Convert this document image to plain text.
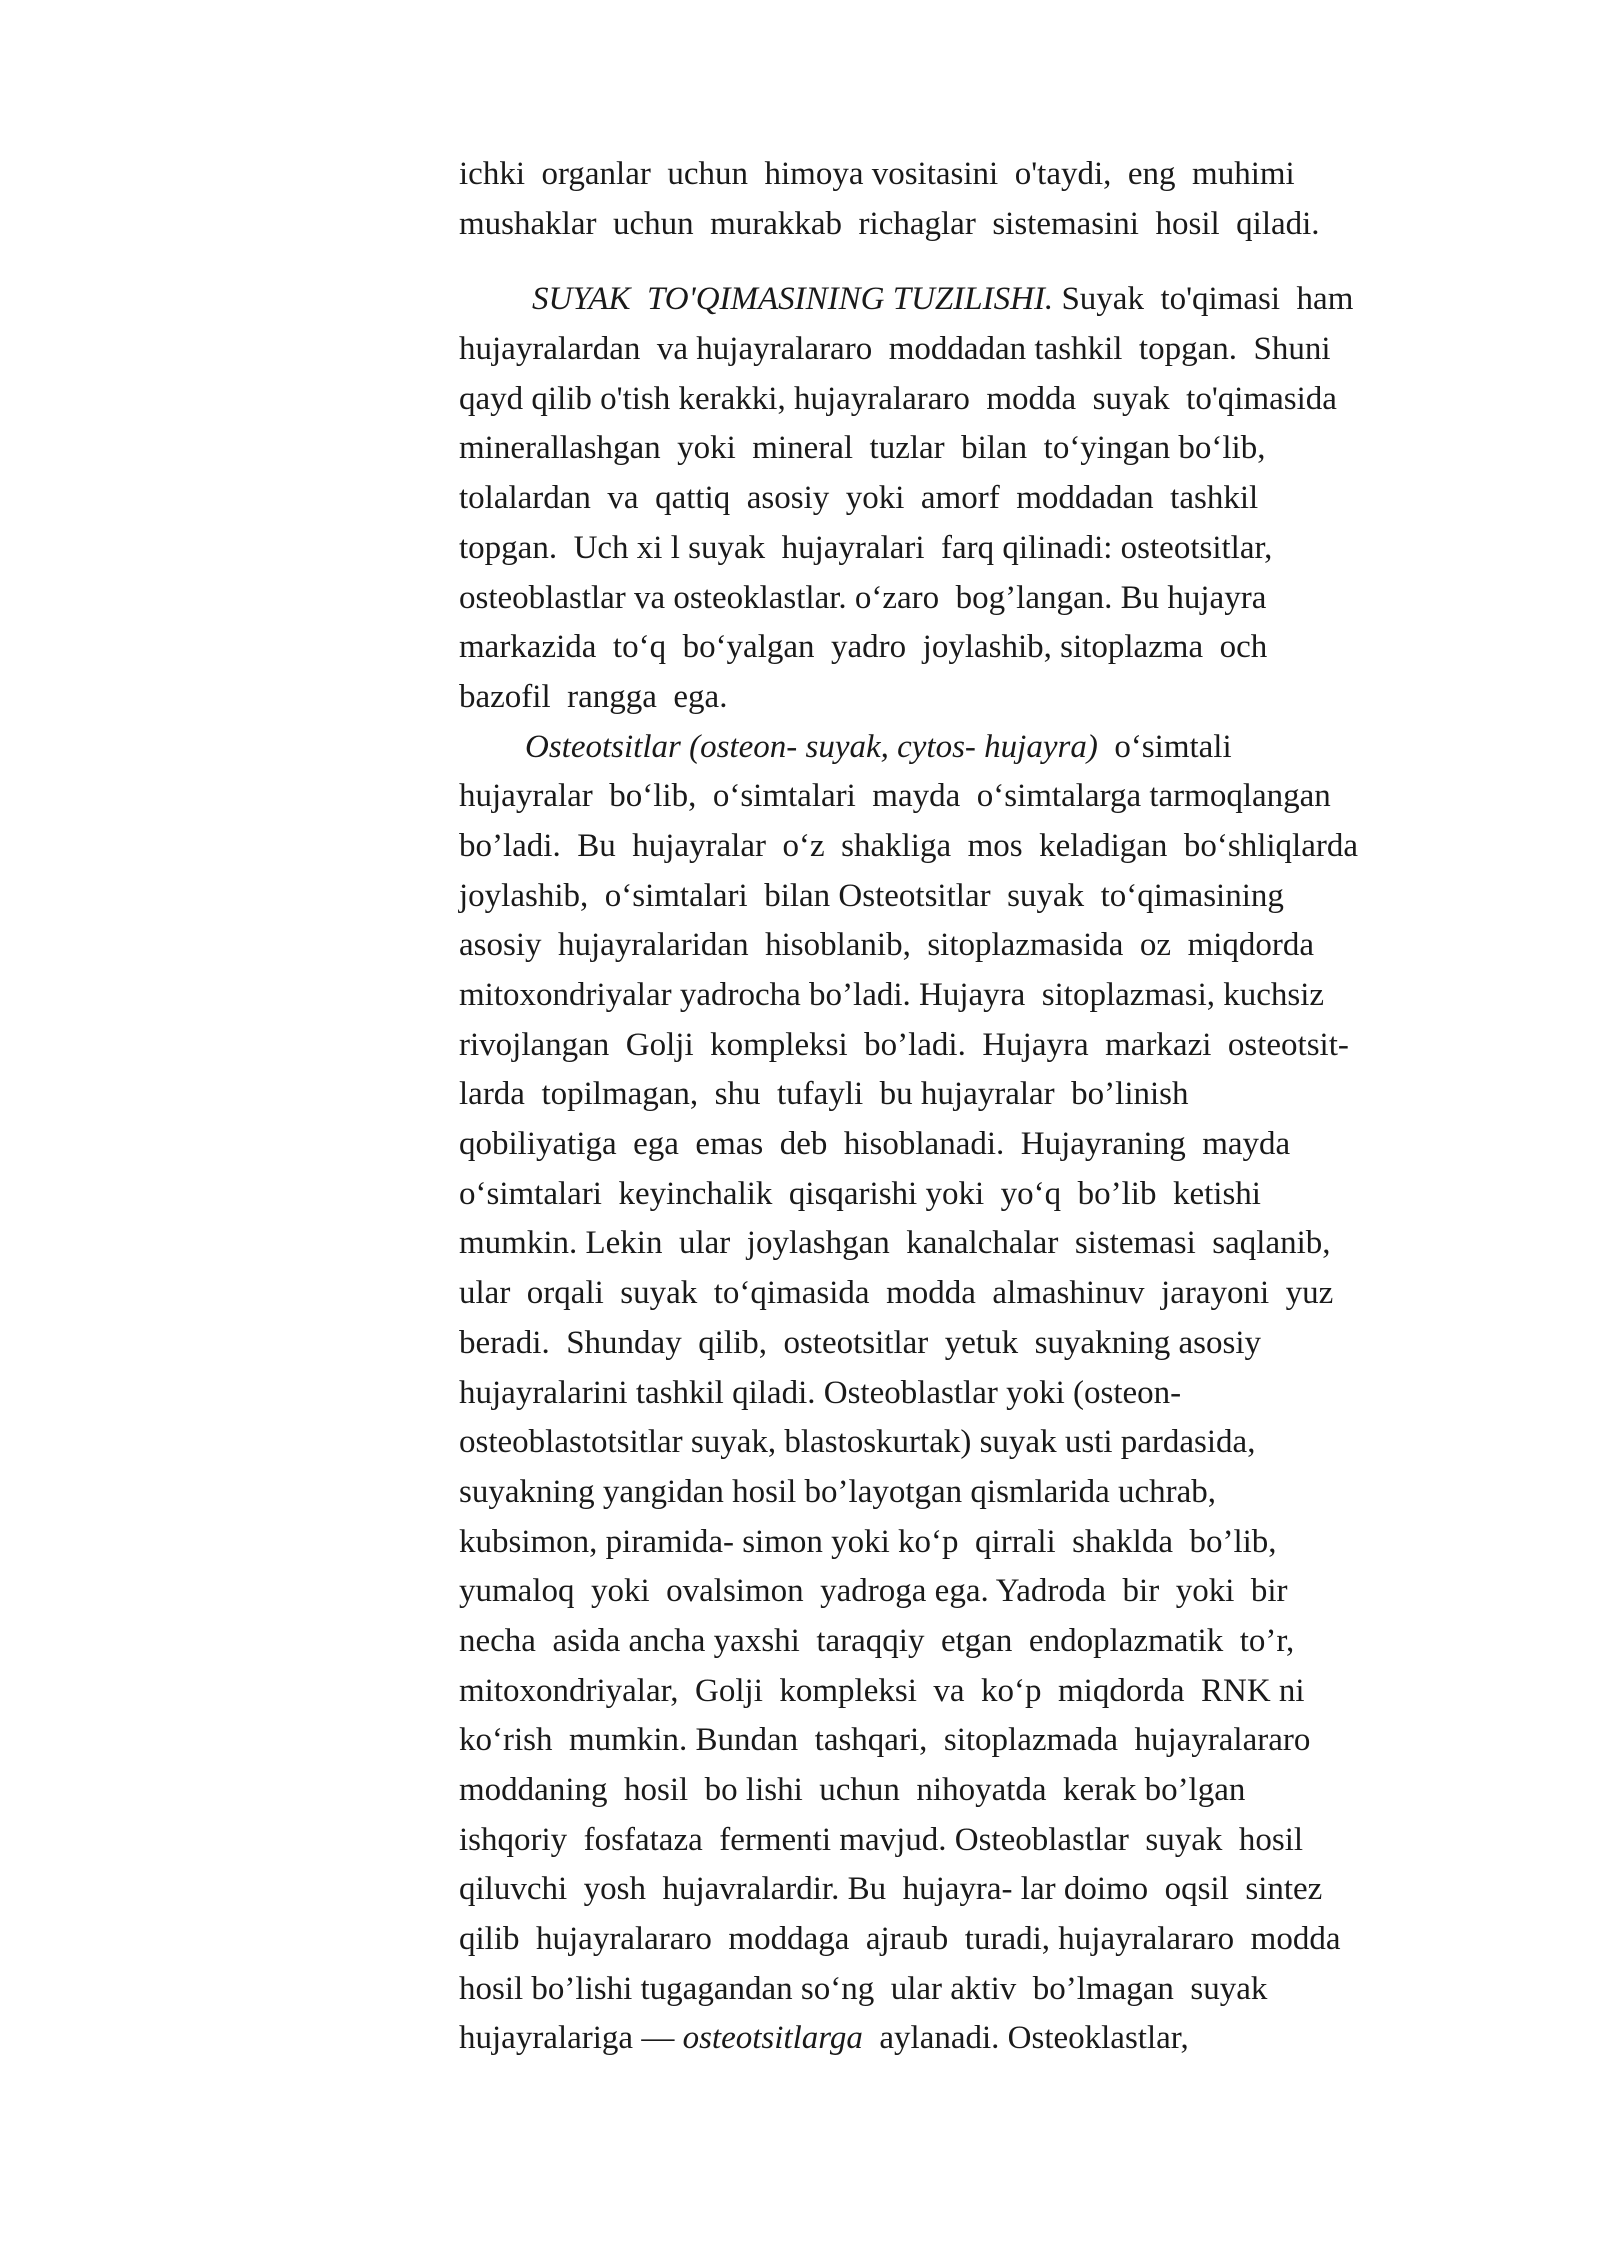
ichki  organlar  uchun  himoya vositasini  o'taydi,  eng  muhimi
mushaklar  uchun  murakkab  richaglar  sistemasini  hosil  qiladi.
SUYAK  TO'QIMASINING TUZILISHI. Suyak  to'qimasi  ham
hujayralardan  va hujayralararo  moddadan tashkil  topgan.  Shuni
qayd qilib o'tish kerakki, hujayralararo  modda  suyak  to'qimasida
minerallashgan  yoki  mineral  tuzlar  bilan  to‘yingan bo‘lib,
tolalardan  va  qattiq  asosiy  yoki  amorf  moddadan  tashkil
topgan.  Uch xi l suyak  hujayralari  farq qilinadi: osteotsitlar,
osteoblastlar va osteoklastlar. o‘zaro  bog’langan. Bu hujayra
markazida  to‘q  bo‘yalgan  yadro  joylashib, sitoplazma  och
bazofil  rangga  ega.
Osteotsitlar (osteon- suyak, cytos- hujayra)  o‘simtali
hujayralar  bo‘lib,  o‘simtalari  mayda  o‘simtalarga tarmoqlangan
bo’ladi.  Bu  hujayralar  o‘z  shakliga  mos  keladigan  bo‘shliqlarda
joylashib,  o‘simtalari  bilan Osteotsitlar  suyak  to‘qimasining
asosiy  hujayralaridan  hisoblanib,  sitoplazmasida  oz  miqdorda
mitoxondriyalar yadrocha bo’ladi. Hujayra  sitoplazmasi, kuchsiz
rivojlangan  Golji  kompleksi  bo’ladi.  Hujayra  markazi  osteotsit-
larda  topilmagan,  shu  tufayli  bu hujayralar  bo’linish
qobiliyatiga  ega  emas  deb  hisoblanadi.  Hujayraning  mayda
o‘simtalari  keyinchalik  qisqarishi yoki  yo‘q  bo’lib  ketishi
mumkin. Lekin  ular  joylashgan  kanalchalar  sistemasi  saqlanib,
ular  orqali  suyak  to‘qimasida  modda  almashinuv  jarayoni  yuz
beradi.  Shunday  qilib,  osteotsitlar  yetuk  suyakning asosiy
hujayralarini tashkil qiladi. Osteoblastlar yoki (osteon-
osteoblastotsitlar suyak, blastoskurtak) suyak usti pardasida,
suyakning yangidan hosil bo’layotgan qismlarida uchrab,
kubsimon, piramida- simon yoki ko‘p  qirrali  shaklda  bo’lib,
yumaloq  yoki  ovalsimon  yadroga ega. Yadroda  bir  yoki  bir
necha  asida ancha yaxshi  taraqqiy  etgan  endoplazmatik  to’r,
mitoxondriyalar,  Golji  kompleksi  va  ko‘p  miqdorda  RNK ni
ko‘rish  mumkin. Bundan  tashqari,  sitoplazmada  hujayralararo
moddaning  hosil  bo lishi  uchun  nihoyatda  kerak bo’lgan
ishqoriy  fosfataza  fermenti mavjud. Osteoblastlar  suyak  hosil
qiluvchi  yosh  hujavralardir. Bu  hujayra- lar doimo  oqsil  sintez
qilib  hujayralararo  moddaga  ajraub  turadi, hujayralararo  modda
hosil bo’lishi tugagandan so‘ng  ular aktiv  bo’lmagan  suyak
hujayralariga — osteotsitlarga  aylanadi. Osteoklastlar,
